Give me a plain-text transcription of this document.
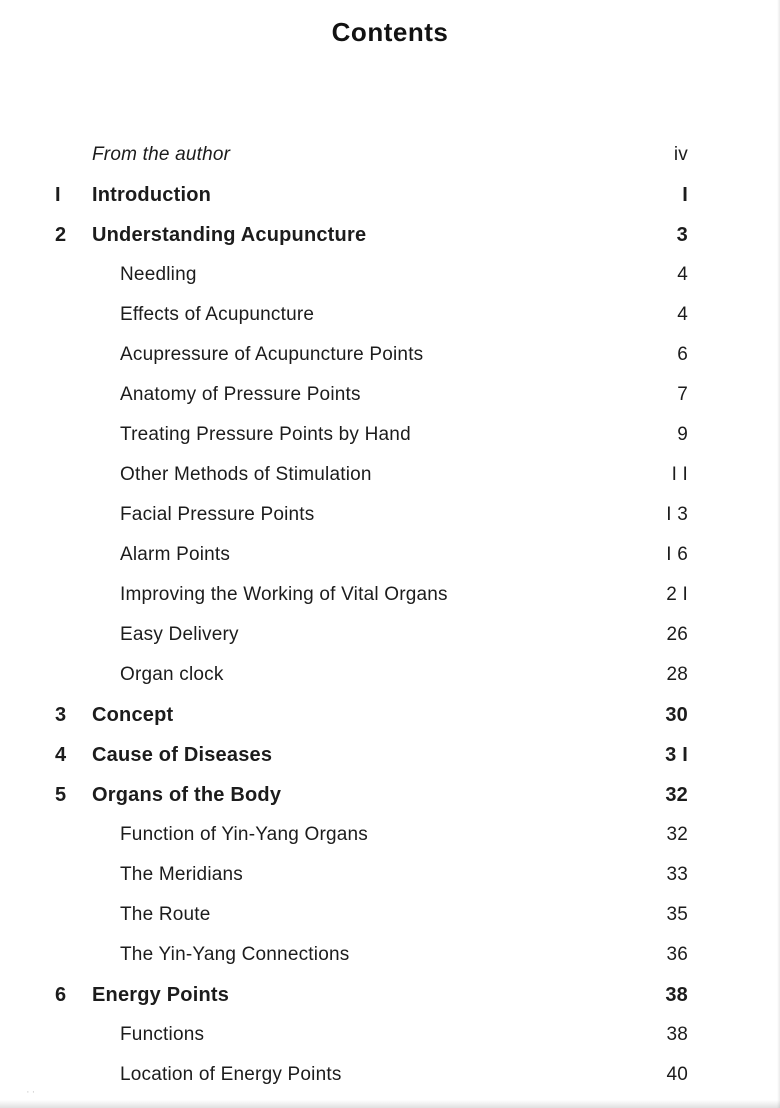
Contents
From the author	iv
I	Introduction	I
2	Understanding Acupuncture	3
Needling	4
Effects of Acupuncture	4
Acupressure of Acupuncture Points	6
Anatomy of Pressure Points	7
Treating Pressure Points by Hand	9
Other Methods of Stimulation	I I
Facial Pressure Points	I 3
Alarm Points	I 6
Improving the Working of Vital Organs	2 I
Easy Delivery	26
Organ clock	28
3	Concept	30
4	Cause of Diseases	3 I
5	Organs of the Body	32
Function of Yin-Yang Organs	32
The Meridians	33
The Route	35
The Yin-Yang Connections	36
6	Energy Points	38
Functions	38
Location of Energy Points	40
··
